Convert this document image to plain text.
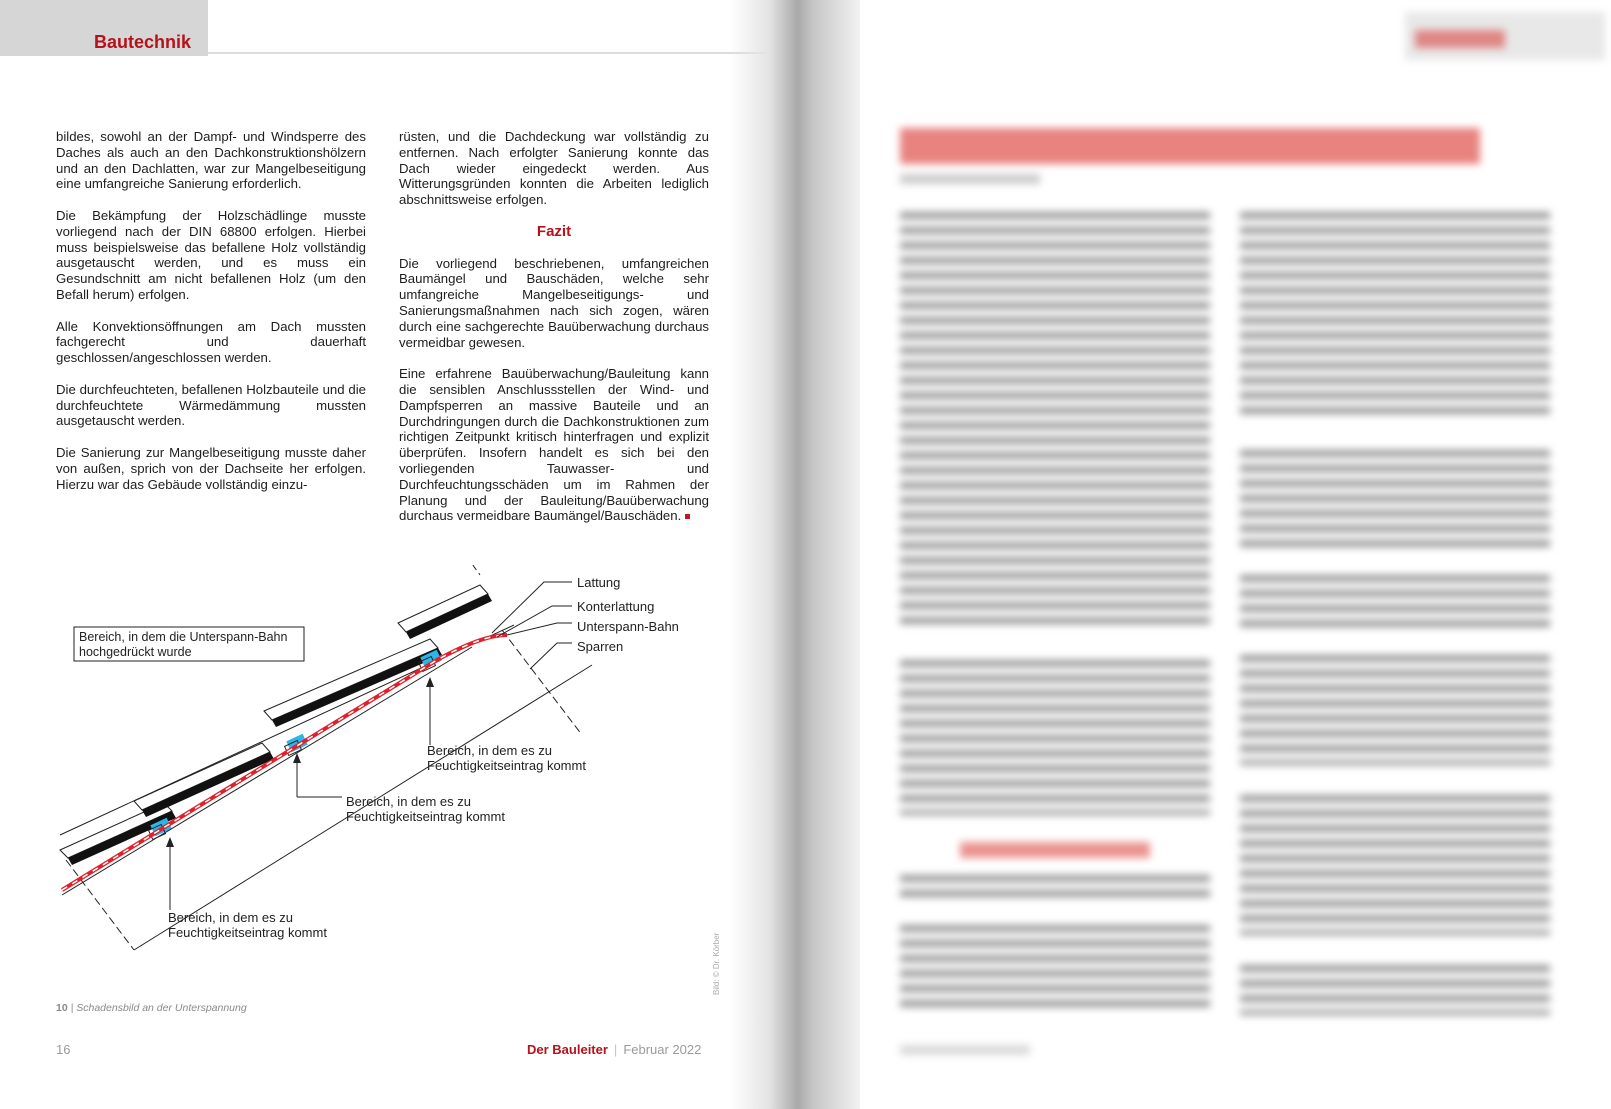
Bautechnik

bildes, sowohl an der Dampf- und Windsperre des Daches als auch an den Dachkonstruktionshölzern und an den Dachlatten, war zur Mangelbeseitigung eine umfangreiche Sanierung erforderlich.

Die Bekämpfung der Holzschädlinge musste vorliegend nach der DIN 68800 erfolgen. Hierbei muss beispielsweise das befallene Holz vollständig ausgetauscht werden, und es muss ein Gesundschnitt am nicht befallenen Holz (um den Befall herum) erfolgen.

Alle Konvektionsöffnungen am Dach mussten fachgerecht und dauerhaft geschlossen/angeschlossen werden.

Die durchfeuchteten, befallenen Holzbauteile und die durchfeuchtete Wärmedämmung mussten ausgetauscht werden.

Die Sanierung zur Mangelbeseitigung musste daher von außen, sprich von der Dachseite her erfolgen. Hierzu war das Gebäude vollständig einzu-

rüsten, und die Dachdeckung war vollständig zu entfernen. Nach erfolgter Sanierung konnte das Dach wieder eingedeckt werden. Aus Witterungsgründen konnten die Arbeiten lediglich abschnittsweise erfolgen.

Fazit

Die vorliegend beschriebenen, umfangreichen Baumängel und Bauschäden, welche sehr umfangreiche Mangelbeseitigungs- und Sanierungsmaßnahmen nach sich zogen, wären durch eine sachgerechte Bauüberwachung durchaus vermeidbar gewesen.

Eine erfahrene Bauüberwachung/Bauleitung kann die sensiblen Anschlussstellen der Wind- und Dampfsperren an massive Bauteile und an Durchdringungen durch die Dachkonstruktionen zum richtigen Zeitpunkt kritisch hinterfragen und explizit überprüfen. Insofern handelt es sich bei den vorliegenden Tauwasser- und Durchfeuchtungsschäden um im Rahmen der Planung und der Bauleitung/Bauüberwachung durchaus vermeidbare Baumängel/Bauschäden.

Lattung
Konterlattung
Unterspann-Bahn
Sparren
Bereich, in dem die Unterspann-Bahn
hochgedrückt wurde
Bereich, in dem es zu
Feuchtigkeitseintrag kommt
Bereich, in dem es zu
Feuchtigkeitseintrag kommt
Bereich, in dem es zu
Feuchtigkeitseintrag kommt
Bild: © Dr. Körber
10 | Schadensbild an der Unterspannung
16	Der Bauleiter | Februar 2022
